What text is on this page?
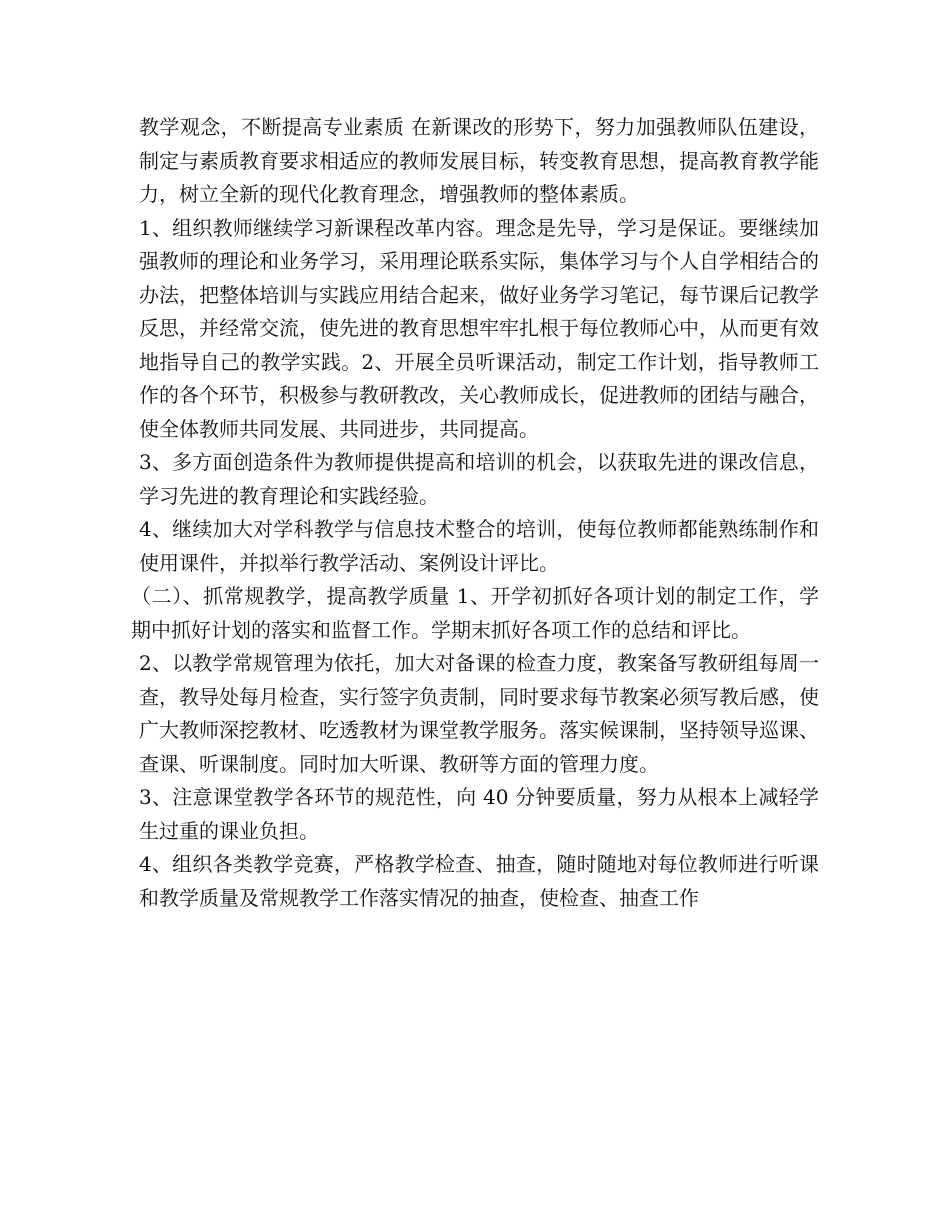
教学观念，不断提高专业素质 在新课改的形势下，努力加强教师队伍建设，制定与素质教育要求相适应的教师发展目标，转变教育思想，提高教育教学能力，树立全新的现代化教育理念，增强教师的整体素质。

1、组织教师继续学习新课程改革内容。理念是先导，学习是保证。要继续加强教师的理论和业务学习，采用理论联系实际，集体学习与个人自学相结合的办法，把整体培训与实践应用结合起来，做好业务学习笔记，每节课后记教学反思，并经常交流，使先进的教育思想牢牢扎根于每位教师心中，从而更有效地指导自己的教学实践。2、开展全员听课活动，制定工作计划，指导教师工作的各个环节，积极参与教研教改，关心教师成长，促进教师的团结与融合，使全体教师共同发展、共同进步，共同提高。

3、多方面创造条件为教师提供提高和培训的机会，以获取先进的课改信息，学习先进的教育理论和实践经验。

4、继续加大对学科教学与信息技术整合的培训，使每位教师都能熟练制作和使用课件，并拟举行教学活动、案例设计评比。

（二）、抓常规教学，提高教学质量 1、开学初抓好各项计划的制定工作，学期中抓好计划的落实和监督工作。学期末抓好各项工作的总结和评比。

2、以教学常规管理为依托，加大对备课的检查力度，教案备写教研组每周一查，教导处每月检查，实行签字负责制，同时要求每节教案必须写教后感，使广大教师深挖教材、吃透教材为课堂教学服务。落实候课制，坚持领导巡课、查课、听课制度。同时加大听课、教研等方面的管理力度。

3、注意课堂教学各环节的规范性，向 40 分钟要质量，努力从根本上减轻学生过重的课业负担。

4、组织各类教学竞赛，严格教学检查、抽查，随时随地对每位教师进行听课和教学质量及常规教学工作落实情况的抽查，使检查、抽查工作
